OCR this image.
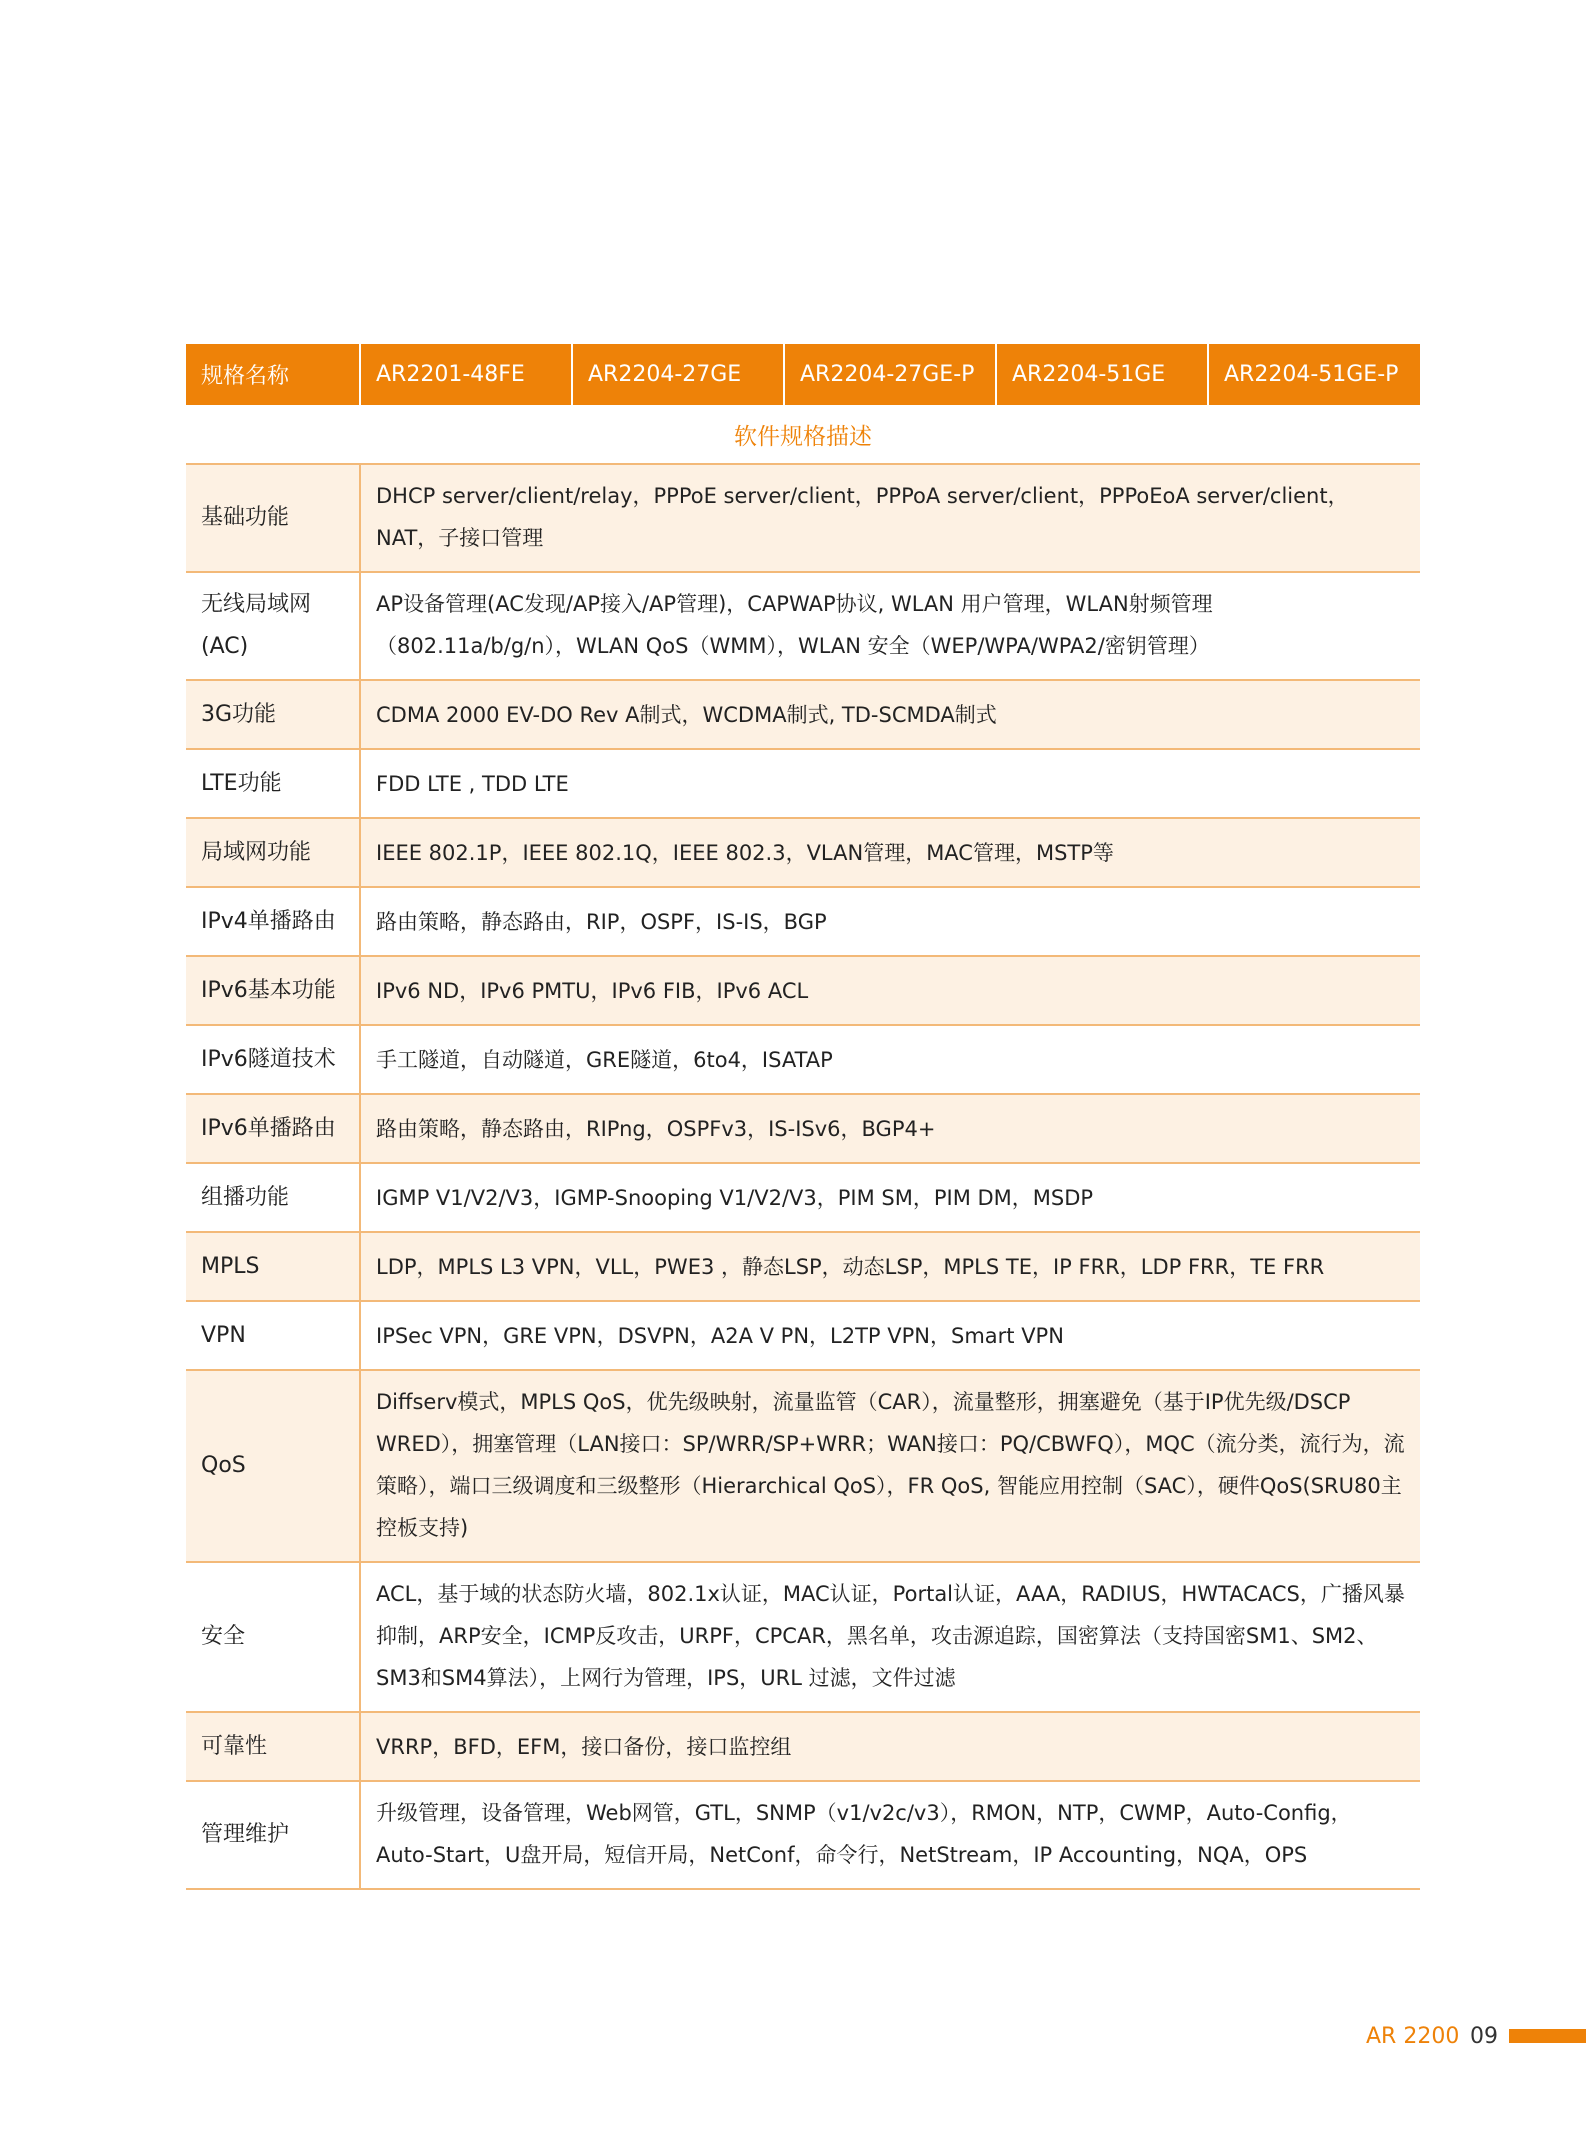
规格名称	AR2201-48FE	AR2204-27GE	AR2204-27GE-P	AR2204-51GE	AR2204-51GE-P
软件规格描述					
基础功能	DHCP server/client/relay，PPPoE server/client，PPPoA server/client，PPPoEoA server/client，NAT，子接口管理				
无线局域网(AC)	AP设备管理(AC发现/AP接入/AP管理)，CAPWAP协议, WLAN 用户管理，WLAN射频管理（802.11a/b/g/n），WLAN QoS（WMM），WLAN 安全（WEP/WPA/WPA2/密钥管理）				
3G功能	CDMA 2000 EV-DO Rev A制式，WCDMA制式, TD-SCMDA制式				
LTE功能	FDD LTE , TDD LTE				
局域网功能	IEEE 802.1P，IEEE 802.1Q，IEEE 802.3，VLAN管理，MAC管理，MSTP等				
IPv4单播路由	路由策略，静态路由，RIP，OSPF，IS-IS，BGP				
IPv6基本功能	IPv6 ND，IPv6 PMTU，IPv6 FIB，IPv6 ACL				
IPv6隧道技术	手工隧道，自动隧道，GRE隧道，6to4，ISATAP				
IPv6单播路由	路由策略，静态路由，RIPng，OSPFv3，IS-ISv6，BGP4+				
组播功能	IGMP V1/V2/V3，IGMP-Snooping V1/V2/V3，PIM SM，PIM DM，MSDP				
MPLS	LDP，MPLS L3 VPN，VLL，PWE3 ，静态LSP，动态LSP，MPLS TE，IP FRR，LDP FRR，TE FRR				
VPN	IPSec VPN，GRE VPN，DSVPN，A2A V PN，L2TP VPN，Smart VPN				
QoS	Diffserv模式，MPLS QoS，优先级映射，流量监管（CAR），流量整形，拥塞避免（基于IP优先级/DSCP WRED），拥塞管理（LAN接口：SP/WRR/SP+WRR；WAN接口：PQ/CBWFQ），MQC（流分类，流行为，流策略），端口三级调度和三级整形（Hierarchical QoS），FR QoS, 智能应用控制（SAC），硬件QoS(SRU80主控板支持)				
安全	ACL，基于域的状态防火墙，802.1x认证，MAC认证，Portal认证，AAA，RADIUS，HWTACACS，广播风暴抑制，ARP安全，ICMP反攻击，URPF，CPCAR，黑名单，攻击源追踪，国密算法（支持国密SM1、SM2、SM3和SM4算法），上网行为管理，IPS，URL 过滤，文件过滤				
可靠性	VRRP，BFD，EFM，接口备份，接口监控组				
管理维护	升级管理，设备管理，Web网管，GTL，SNMP（v1/v2c/v3），RMON，NTP，CWMP，Auto-Config，Auto-Start，U盘开局，短信开局，NetConf，命令行，NetStream，IP Accounting，NQA，OPS				
AR 2200 09
